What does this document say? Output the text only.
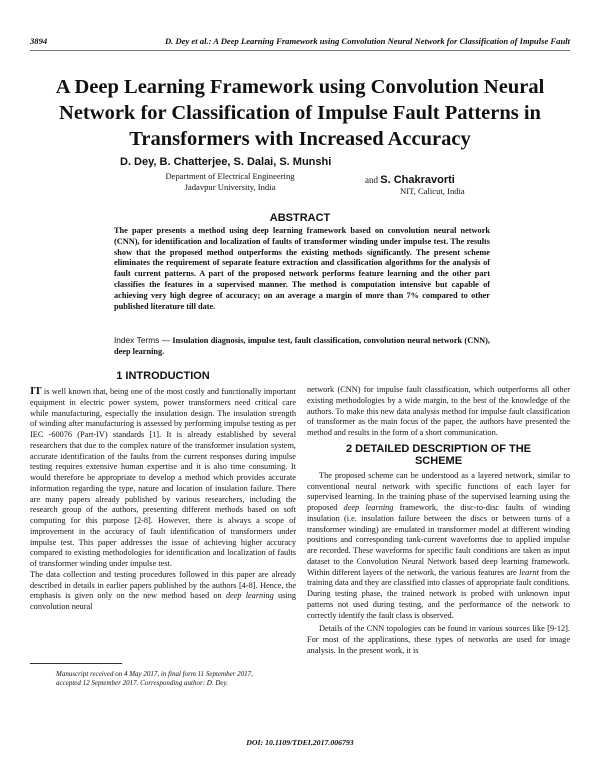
3894	D. Dey et al.: A Deep Learning Framework using Convolution Neural Network for Classification of Impulse Fault
A Deep Learning Framework using Convolution Neural
Network for Classification of Impulse Fault Patterns in
Transformers with Increased Accuracy
D. Dey, B. Chatterjee, S. Dalai, S. Munshi
Department of Electrical Engineering
Jadavpur University, India
and S. Chakravorti
NIT, Calicut, India
ABSTRACT
The paper presents a method using deep learning framework based on convolution neural network (CNN), for identification and localization of faults of transformer winding under impulse test. The results show that the proposed method outperforms the existing methods significantly. The present scheme eliminates the requirement of separate feature extraction and classification algorithms for the analysis of fault current patterns. A part of the proposed network performs feature learning and the other part classifies the features in a supervised manner. The method is computation intensive but capable of achieving very high degree of accuracy; on an average a margin of more than 7% compared to other published literature till date.
Index Terms — Insulation diagnosis, impulse test, fault classification, convolution neural network (CNN), deep learning.
1 INTRODUCTION

IT is well known that, being one of the most costly and functionally important equipment in electric power system, power transformers need critical care while manufacturing, especially the insulation design. The insulation strength of winding after manufacturing is assessed by performing impulse testing as per IEC -60076 (Part-IV) standards [1]. It is already established by several researchers that due to the complex nature of the transformer insulation system, accurate identification of the faults from the current responses during impulse testing requires extensive human expertise and it is also time consuming. It would therefore be appropriate to develop a method which provides accurate information regarding the type, nature and location of insulation failure. There are many papers already published by various researchers, including the research group of the authors, presenting different methods based on soft computing for this purpose [2-8]. However, there is always a scope of improvement in the accuracy of fault identification of transformers under impulse test. This paper addresses the issue of achieving higher accuracy compared to existing methodologies for identification and localization of faults of transformer winding under impulse test.

The data collection and testing procedures followed in this paper are already described in details in earlier papers published by the authors [4-8]. Hence, the emphasis is given only on the new method based on deep learning using convolution neural

Manuscript received on 4 May 2017, in final form 11 September 2017,
accepted 12 September 2017. Corresponding author: D. Dey.

network (CNN) for impulse fault classification, which outperforms all other existing methodologies by a wide margin, to the best of the knowledge of the authors. To make this new data analysis method for impulse fault classification of transformer as the main focus of the paper, the authors have presented the method and results in the form of a short communication.

2 DETAILED DESCRIPTION OF THE
SCHEME

The proposed scheme can be understood as a layered network, similar to conventional neural network with specific functions of each layer for supervised learning. In the training phase of the supervised learning using the proposed deep learning framework, the disc-to-disc faults of winding insulation (i.e. insulation failure between the discs or between turns of a transformer winding) are emulated in transformer model at different winding positions and corresponding tank-current waveforms due to applied impulse are recorded. These waveforms for specific fault conditions are taken as input dataset to the Convolution Neural Network based deep learning framework. Within different layers of the network, the various features are learnt from the training data and they are classified into classes of appropriate fault conditions. During testing phase, the trained network is probed with unknown input patterns not used during testing, and the performance of the network to correctly identify the fault class is observed.

Details of the CNN topologies can be found in various sources like [9-12]. For most of the applications, these types of networks are used for image analysis. In the present work, it is

DOI: 10.1109/TDEI.2017.006793
